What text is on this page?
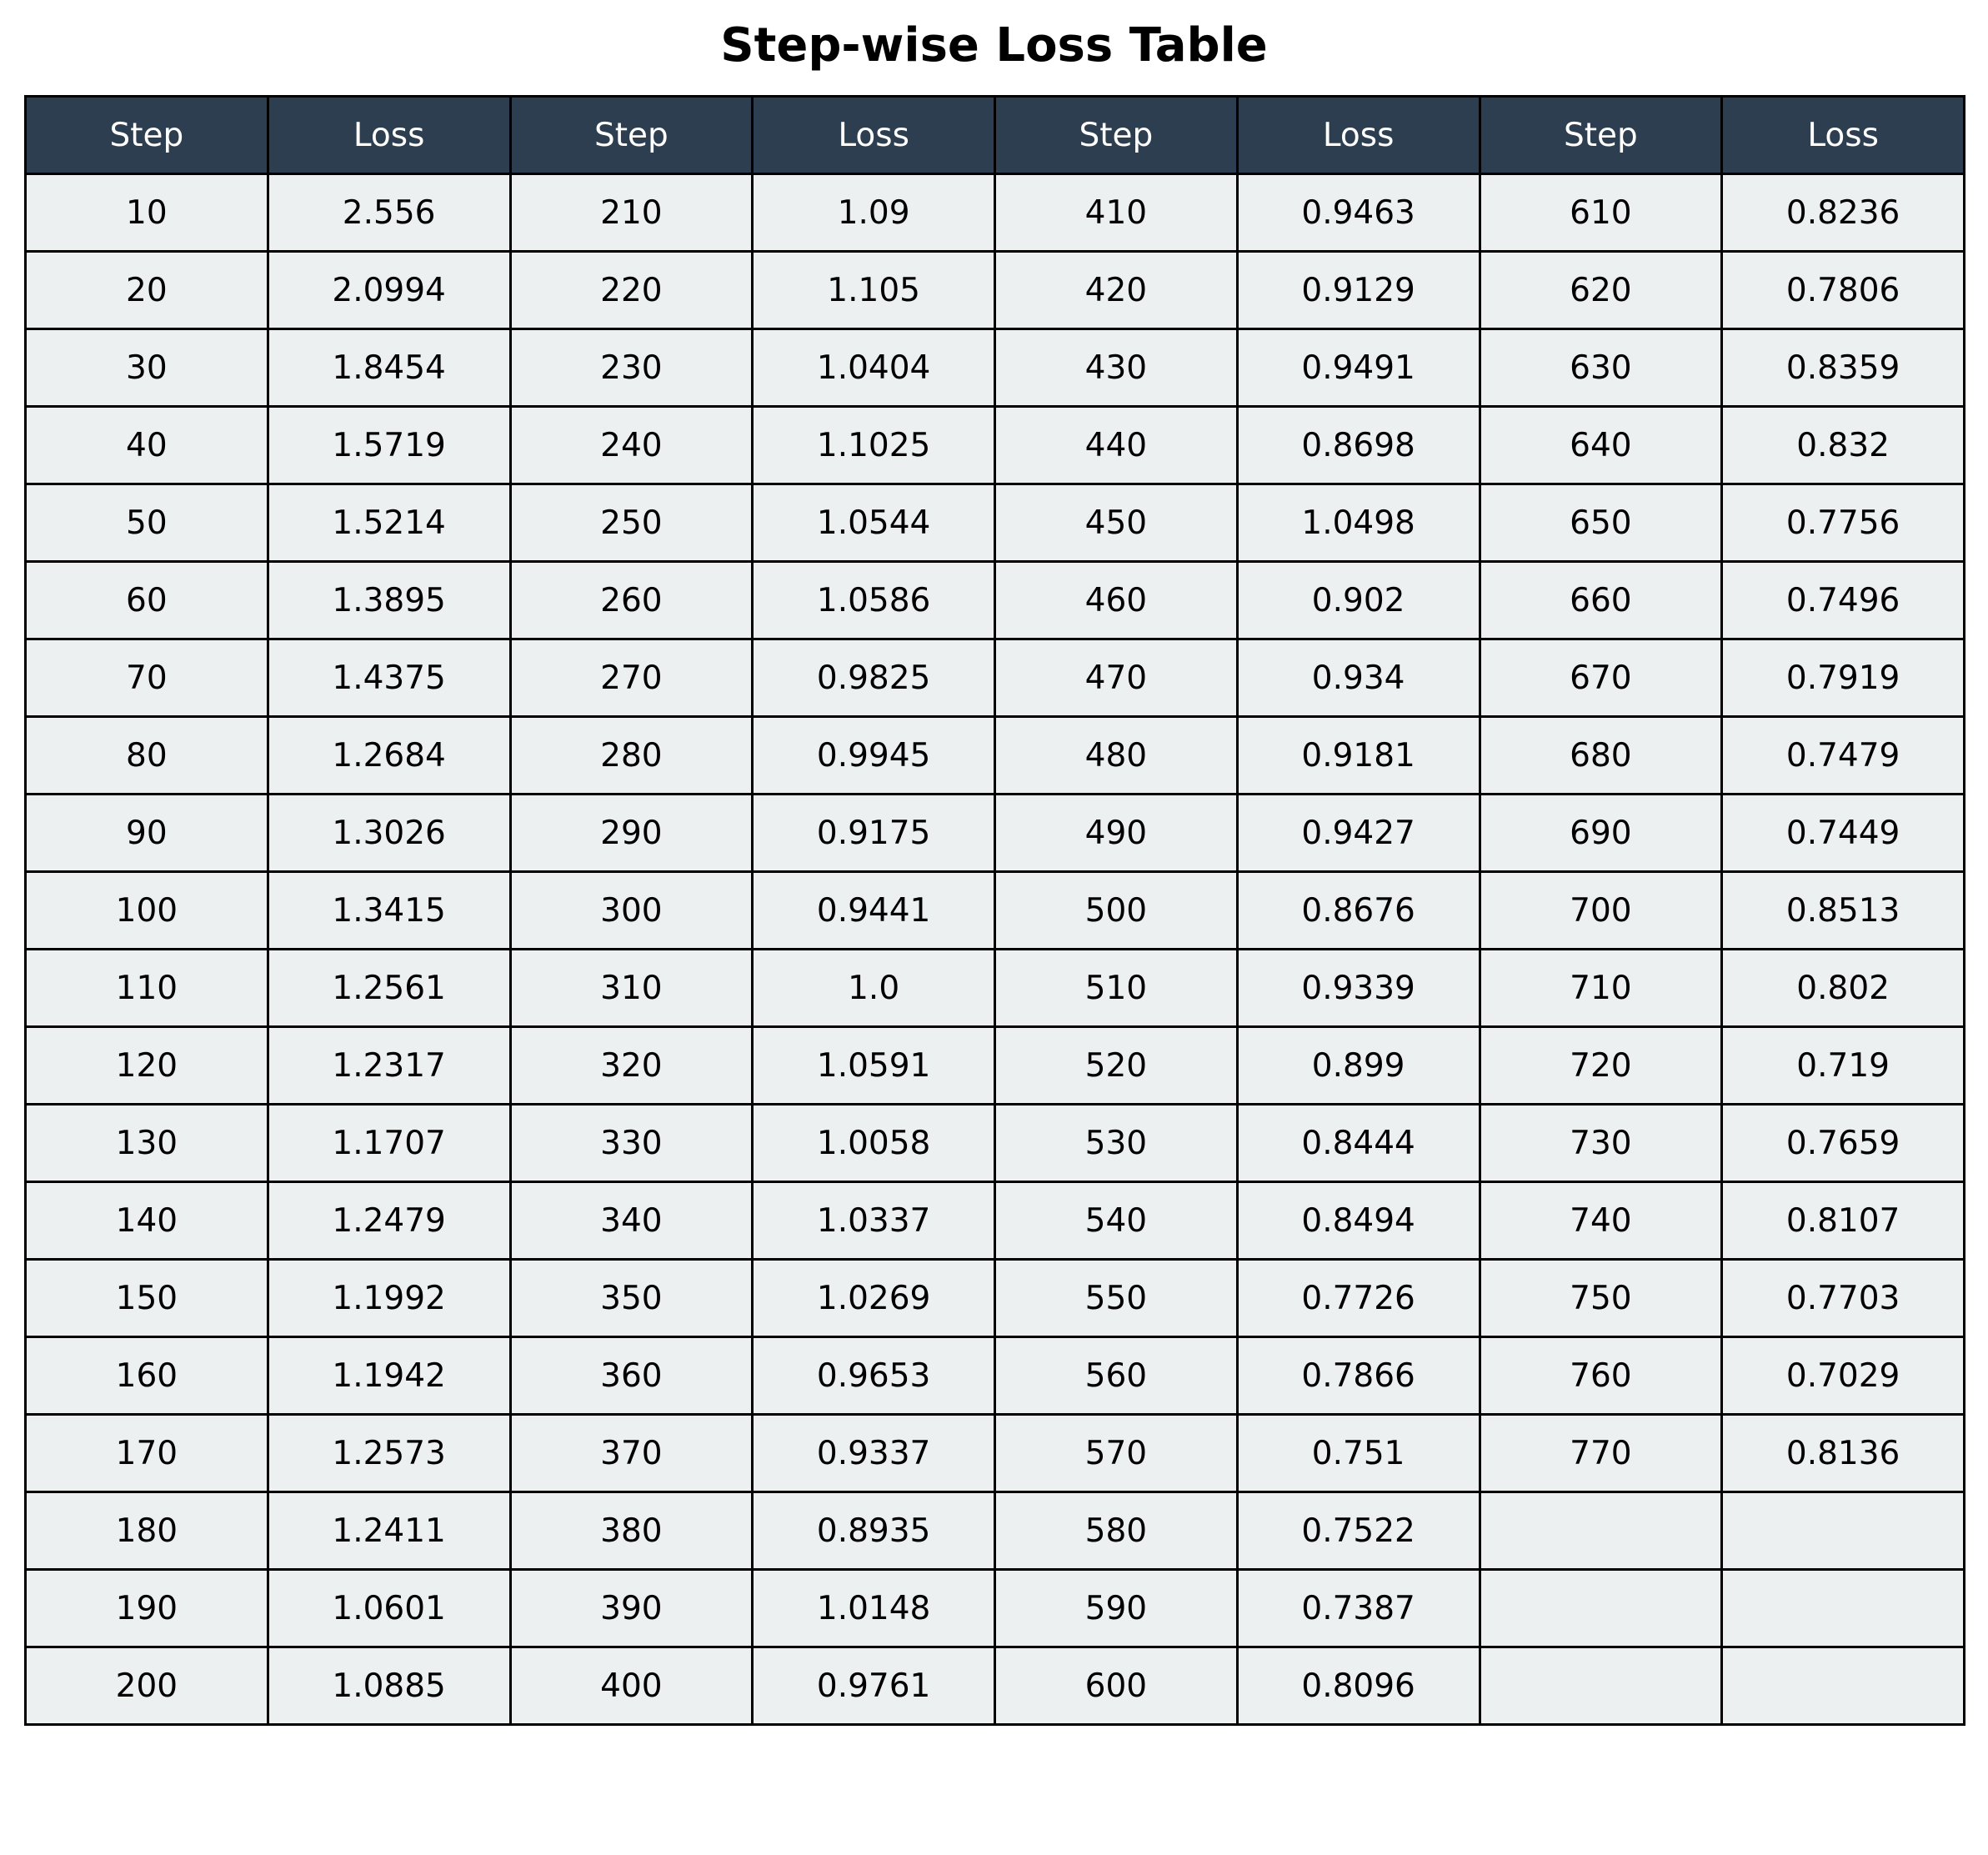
Step-wise Loss Table
Step	Loss	Step	Loss	Step	Loss	Step	Loss
10	2.556	210	1.09	410	0.9463	610	0.8236
20	2.0994	220	1.105	420	0.9129	620	0.7806
30	1.8454	230	1.0404	430	0.9491	630	0.8359
40	1.5719	240	1.1025	440	0.8698	640	0.832
50	1.5214	250	1.0544	450	1.0498	650	0.7756
60	1.3895	260	1.0586	460	0.902	660	0.7496
70	1.4375	270	0.9825	470	0.934	670	0.7919
80	1.2684	280	0.9945	480	0.9181	680	0.7479
90	1.3026	290	0.9175	490	0.9427	690	0.7449
100	1.3415	300	0.9441	500	0.8676	700	0.8513
110	1.2561	310	1.0	510	0.9339	710	0.802
120	1.2317	320	1.0591	520	0.899	720	0.719
130	1.1707	330	1.0058	530	0.8444	730	0.7659
140	1.2479	340	1.0337	540	0.8494	740	0.8107
150	1.1992	350	1.0269	550	0.7726	750	0.7703
160	1.1942	360	0.9653	560	0.7866	760	0.7029
170	1.2573	370	0.9337	570	0.751	770	0.8136
180	1.2411	380	0.8935	580	0.7522		
190	1.0601	390	1.0148	590	0.7387		
200	1.0885	400	0.9761	600	0.8096		
